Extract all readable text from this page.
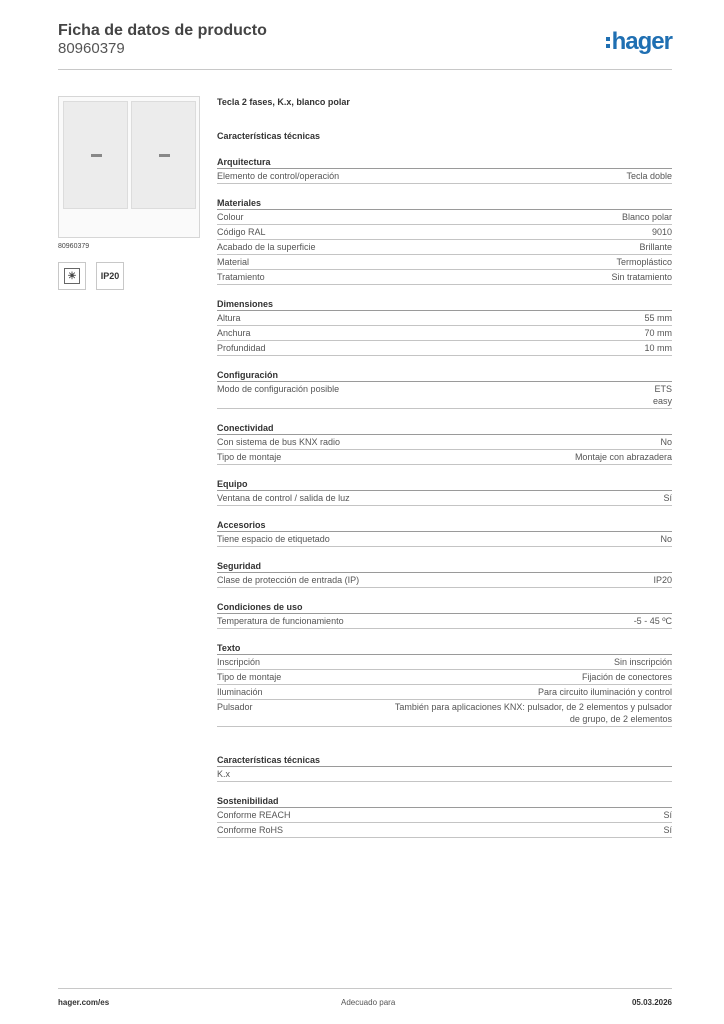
Ficha de datos de producto
80960379	hager
80960379
☀	IP20
Tecla 2 fases, K.x, blanco polar
Características técnicas
Arquitectura
Elemento de control/operación	Tecla doble
Materiales
Colour	Blanco polar
Código RAL	9010
Acabado de la superficie	Brillante
Material	Termoplástico
Tratamiento	Sin tratamiento
Dimensiones
Altura	55 mm
Anchura	70 mm
Profundidad	10 mm
Configuración
Modo de configuración posible	ETS
easy
Conectividad
Con sistema de bus KNX radio	No
Tipo de montaje	Montaje con abrazadera
Equipo
Ventana de control / salida de luz	Sí
Accesorios
Tiene espacio de etiquetado	No
Seguridad
Clase de protección de entrada (IP)	IP20
Condiciones de uso
Temperatura de funcionamiento	-5 - 45 ºC
Texto
Inscripción	Sin inscripción
Tipo de montaje	Fijación de conectores
Iluminación	Para circuito iluminación y control
Pulsador	También para aplicaciones KNX: pulsador, de 2 elementos y pulsador
de grupo, de 2 elementos
Características técnicas
K.x
Sostenibilidad
Conforme REACH	Sí
Conforme RoHS	Sí
hager.com/es	Adecuado para	05.03.2026
